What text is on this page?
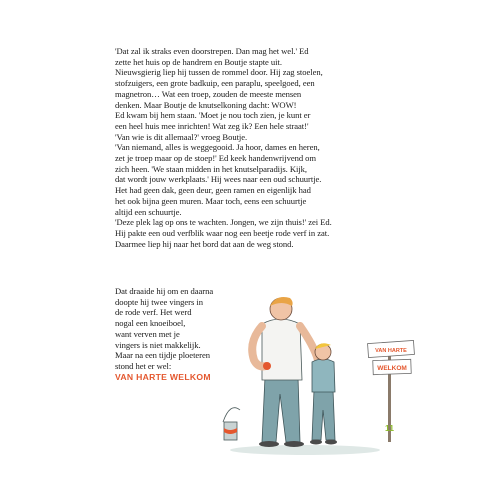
'Dat zal ik straks even doorstrepen. Dan mag het wel.' Ed

zette het huis op de handrem en Boutje stapte uit.

Nieuwsgierig liep hij tussen de rommel door. Hij zag stoelen,

stofzuigers, een grote badkuip, een paraplu, speelgoed, een

magnetron… Wat een troep, zouden de meeste mensen

denken. Maar Boutje de knutselkoning dacht: WOW!

Ed kwam bij hem staan. 'Moet je nou toch zien, je kunt er

een heel huis mee inrichten! Wat zeg ik? Een hele straat!'

'Van wie is dit allemaal?' vroeg Boutje.

'Van niemand, alles is weggegooid. Ja hoor, dames en heren,

zet je troep maar op de stoep!' Ed keek handenwrijvend om

zich heen. 'We staan midden in het knutselparadijs. Kijk,

dat wordt jouw werkplaats.' Hij wees naar een oud schuurtje.

Het had geen dak, geen deur, geen ramen en eigenlijk had

het ook bijna geen muren. Maar toch, eens een schuurtje

altijd een schuurtje.

'Deze plek lag op ons te wachten. Jongen, we zijn thuis!' zei Ed.

Hij pakte een oud verfblik waar nog een beetje rode verf in zat.

Daarmee liep hij naar het bord dat aan de weg stond.

Dat draaide hij om en daarna

doopte hij twee vingers in

de rode verf. Het werd

nogal een knoeiboel,

want verven met je

vingers is niet makkelijk.

Maar na een tijdje ploeteren

stond het er wel:

VAN HARTE WELKOM

VAN HARTE
WELKOM
11
